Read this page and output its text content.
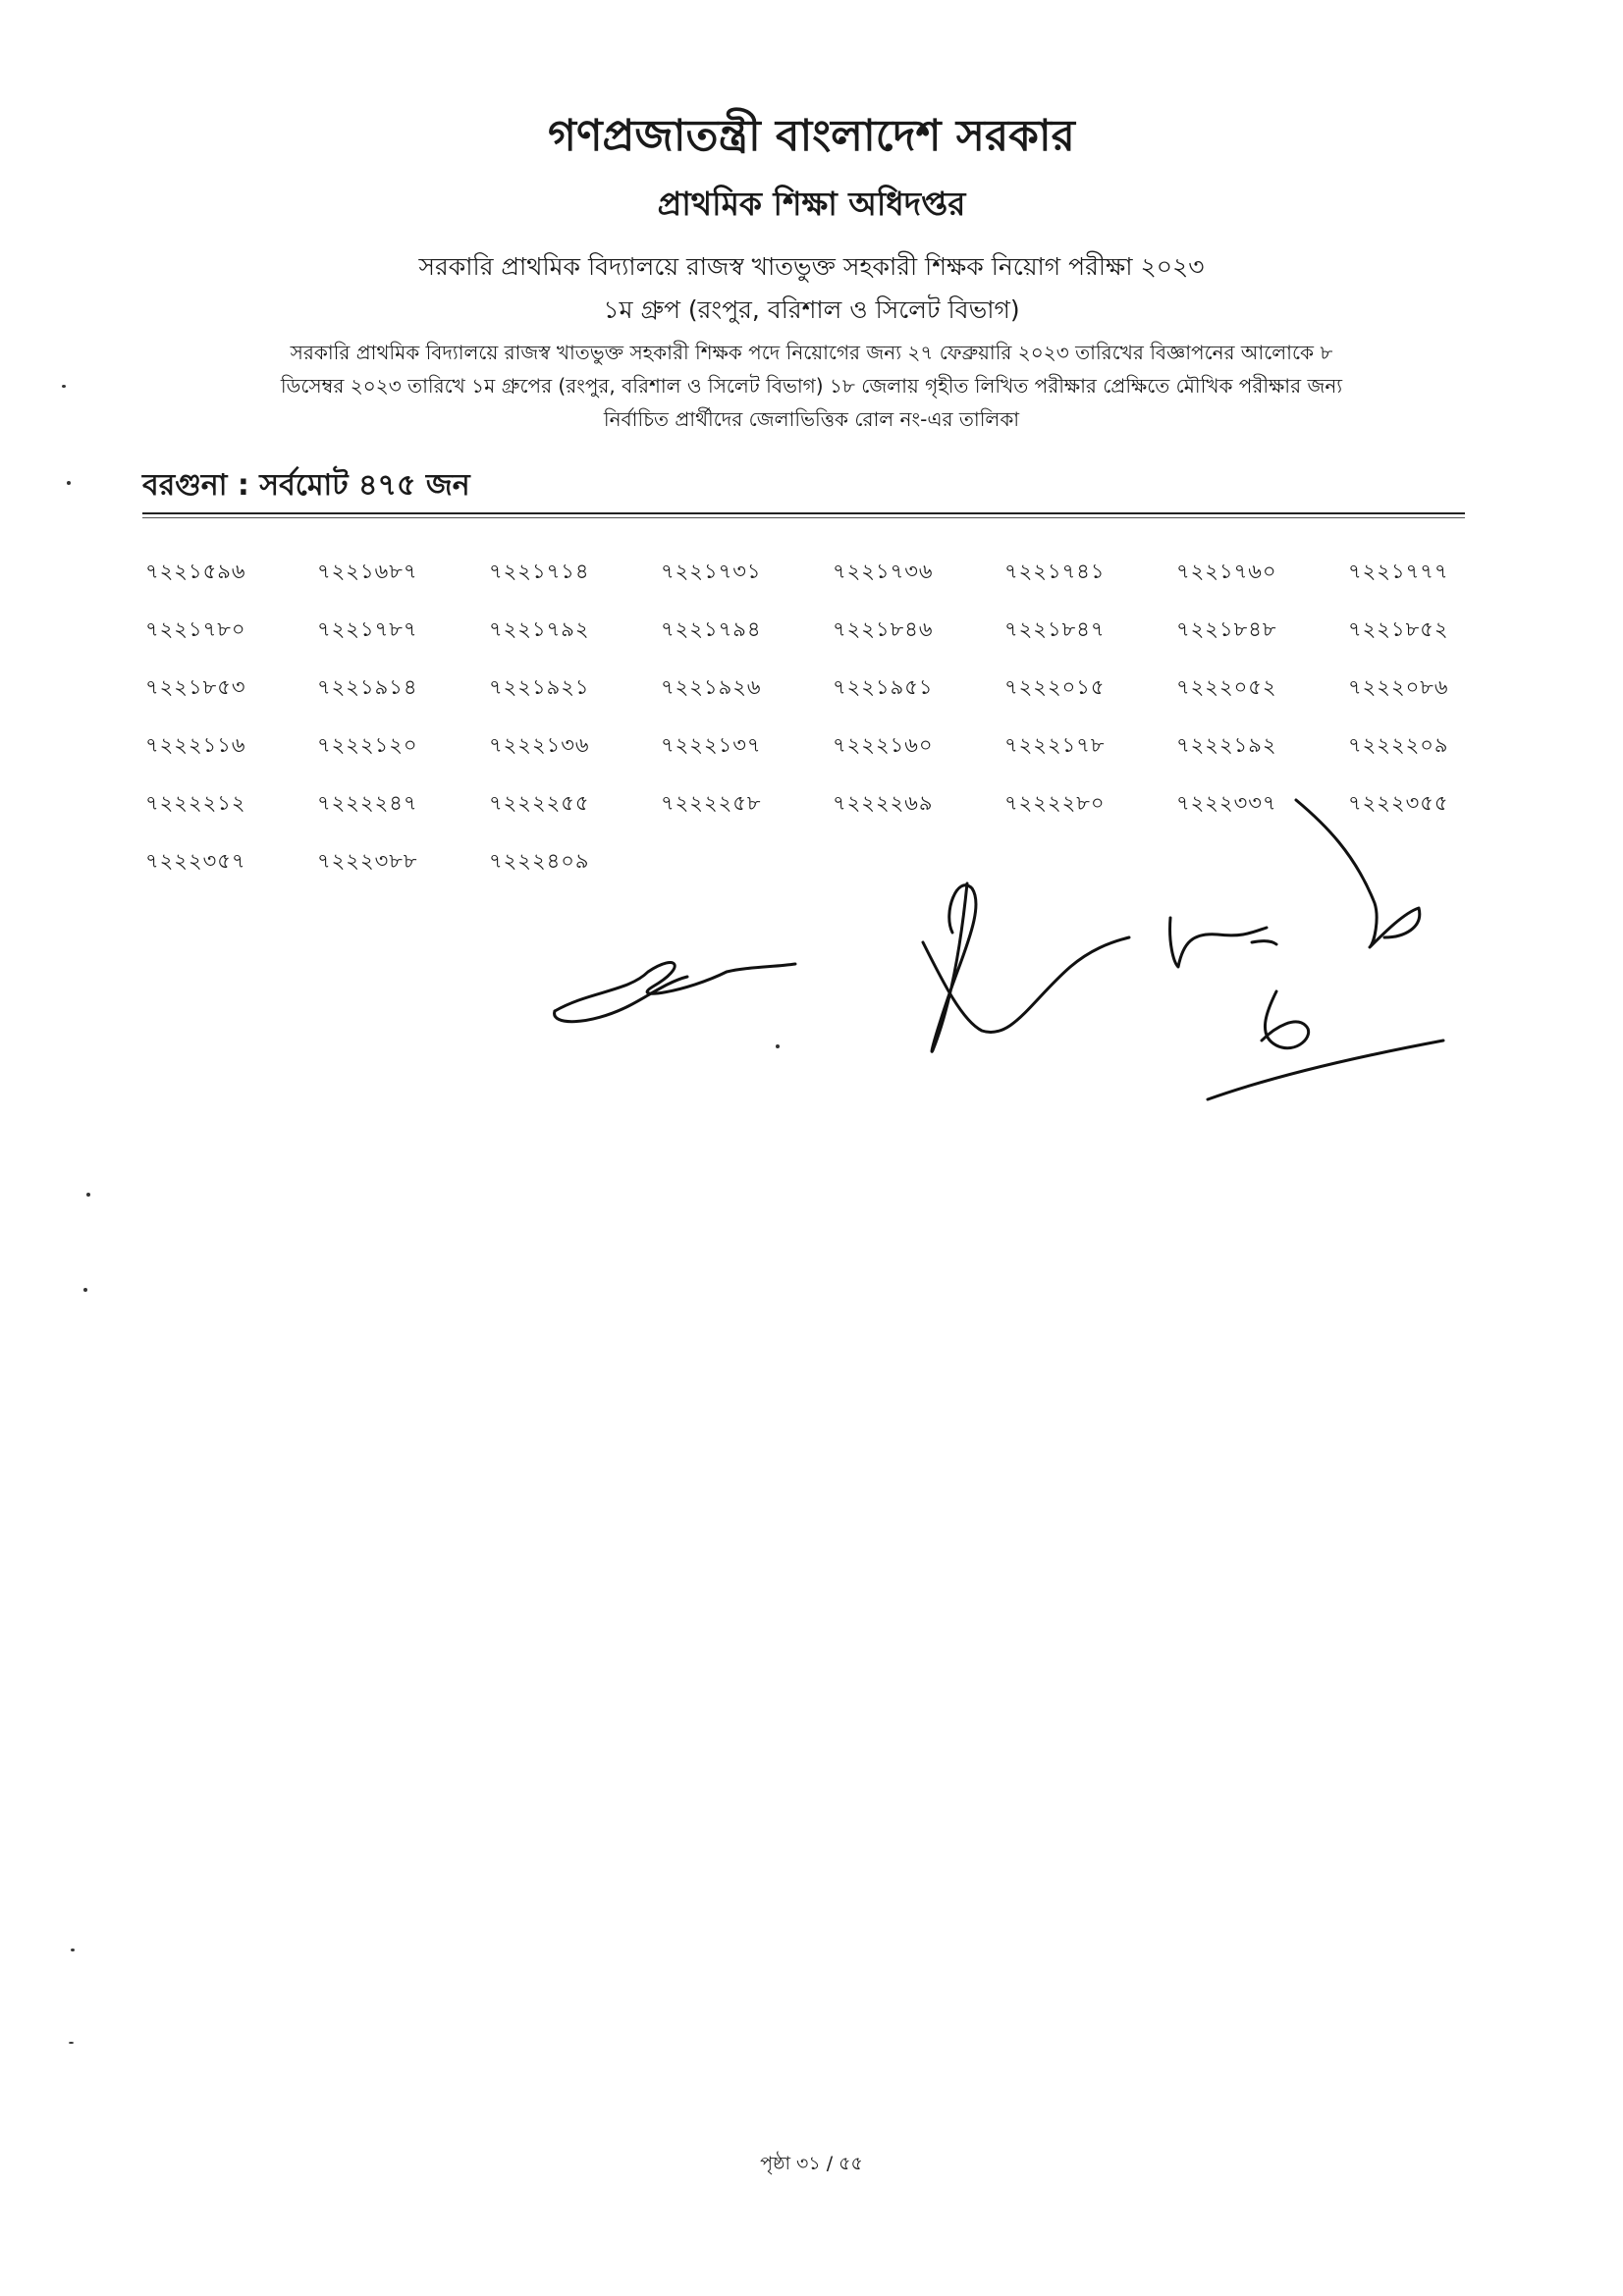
গণপ্রজাতন্ত্রী বাংলাদেশ সরকার
প্রাথমিক শিক্ষা অধিদপ্তর
সরকারি প্রাথমিক বিদ্যালয়ে রাজস্ব খাতভুক্ত সহকারী শিক্ষক নিয়োগ পরীক্ষা ২০২৩
১ম গ্রুপ (রংপুর, বরিশাল ও সিলেট বিভাগ)
সরকারি প্রাথমিক বিদ্যালয়ে রাজস্ব খাতভুক্ত সহকারী শিক্ষক পদে নিয়োগের জন্য ২৭ ফেব্রুয়ারি ২০২৩ তারিখের বিজ্ঞাপনের আলোকে ৮
ডিসেম্বর ২০২৩ তারিখে ১ম গ্রুপের (রংপুর, বরিশাল ও সিলেট বিভাগ) ১৮ জেলায় গৃহীত লিখিত পরীক্ষার প্রেক্ষিতে মৌখিক পরীক্ষার জন্য
নির্বাচিত প্রার্থীদের জেলাভিত্তিক রোল নং-এর তালিকা
বরগুনা : সর্বমোট ৪৭৫ জন
৭২২১৫৯৬	৭২২১৬৮৭	৭২২১৭১৪	৭২২১৭৩১	৭২২১৭৩৬	৭২২১৭৪১	৭২২১৭৬০	৭২২১৭৭৭
৭২২১৭৮০	৭২২১৭৮৭	৭২২১৭৯২	৭২২১৭৯৪	৭২২১৮৪৬	৭২২১৮৪৭	৭২২১৮৪৮	৭২২১৮৫২
৭২২১৮৫৩	৭২২১৯১৪	৭২২১৯২১	৭২২১৯২৬	৭২২১৯৫১	৭২২২০১৫	৭২২২০৫২	৭২২২০৮৬
৭২২২১১৬	৭২২২১২০	৭২২২১৩৬	৭২২২১৩৭	৭২২২১৬০	৭২২২১৭৮	৭২২২১৯২	৭২২২২০৯
৭২২২২১২	৭২২২২৪৭	৭২২২২৫৫	৭২২২২৫৮	৭২২২২৬৯	৭২২২২৮০	৭২২২৩৩৭	৭২২২৩৫৫
৭২২২৩৫৭	৭২২২৩৮৮	৭২২২৪০৯
পৃষ্ঠা ৩১ / ৫৫
